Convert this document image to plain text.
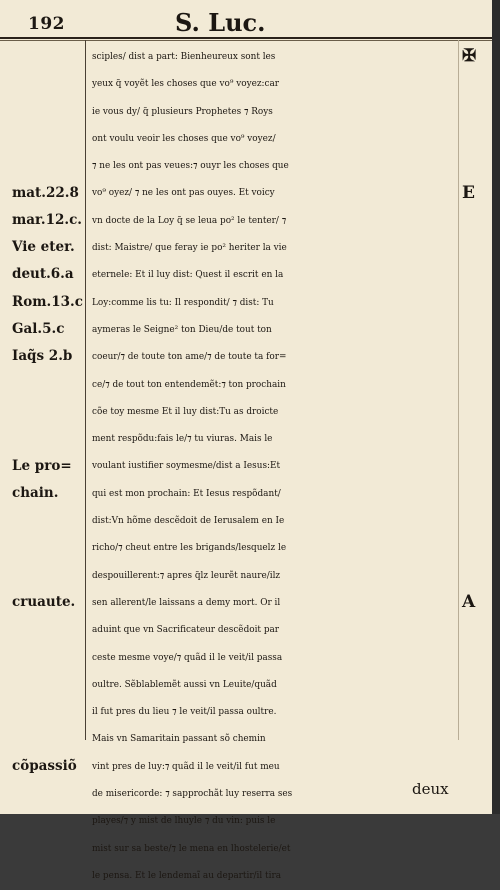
192	S. Luc.
mat.22.8
mar.12.c.
Vie eter.
deut.6.a
Rom.13.c
Gal.5.c
Iaq̃s 2.b
Le pro=
chain.
cruaute.
cõpassiõ
sciples/ dist a part: Bienheureux sont les
yeux q̃ voyẽt les choses que vo⁹ voyez:car
ie vous dy/ q̃ plusieurs Prophetes ⁊ Roys
ont voulu veoir les choses que vo⁹ voyez/
⁊ ne les ont pas veues:⁊ ouyr les choses que
vo⁹ oyez/ ⁊ ne les ont pas ouyes. Et voicy
vn docte de la Loy q̃ se leua po² le tenter/ ⁊
dist: Maistre/ que feray ie po² heriter la vie
eternele: Et il luy dist: Quest il escrit en la
Loy:comme lis tu: Il respondit/ ⁊ dist: Tu
aymeras le Seigne² ton Dieu/de tout ton
coeur/⁊ de toute ton ame/⁊ de toute ta for=
ce/⁊ de tout ton entendemẽt:⁊ ton prochain
cõe toy mesme Et il luy dist:Tu as droicte
ment respõdu:fais le/⁊ tu viuras. Mais le
voulant iustifier soymesme/dist a Iesus:Et
qui est mon prochain: Et Iesus respõdant/
dist:Vn hõme descẽdoit de Ierusalem en Ie
richo/⁊ cheut entre les brigands/lesquelz le
despouillerent:⁊ apres q̃lz leurẽt naure/ilz
sen allerent/le laissans a demy mort. Or il
aduint que vn Sacrificateur descẽdoit par
ceste mesme voye/⁊ quãd il le veit/il passa
oultre. Sẽblablemẽt aussi vn Leuite/quãd
il fut pres du lieu ⁊ le veit/il passa oultre.
Mais vn Samaritain passant sõ chemin
vint pres de luy:⁊ quãd il le veit/il fut meu
de misericorde: ⁊ sapprochãt luy reserra ses
playes/⁊ y mist de lhuyle ⁊ du vin: puis le
mist sur sa beste/⁊ le mena en lhostelerie/et
le pensa. Et le lendemaĩ au departir/il tira
✠
E
A
deux
